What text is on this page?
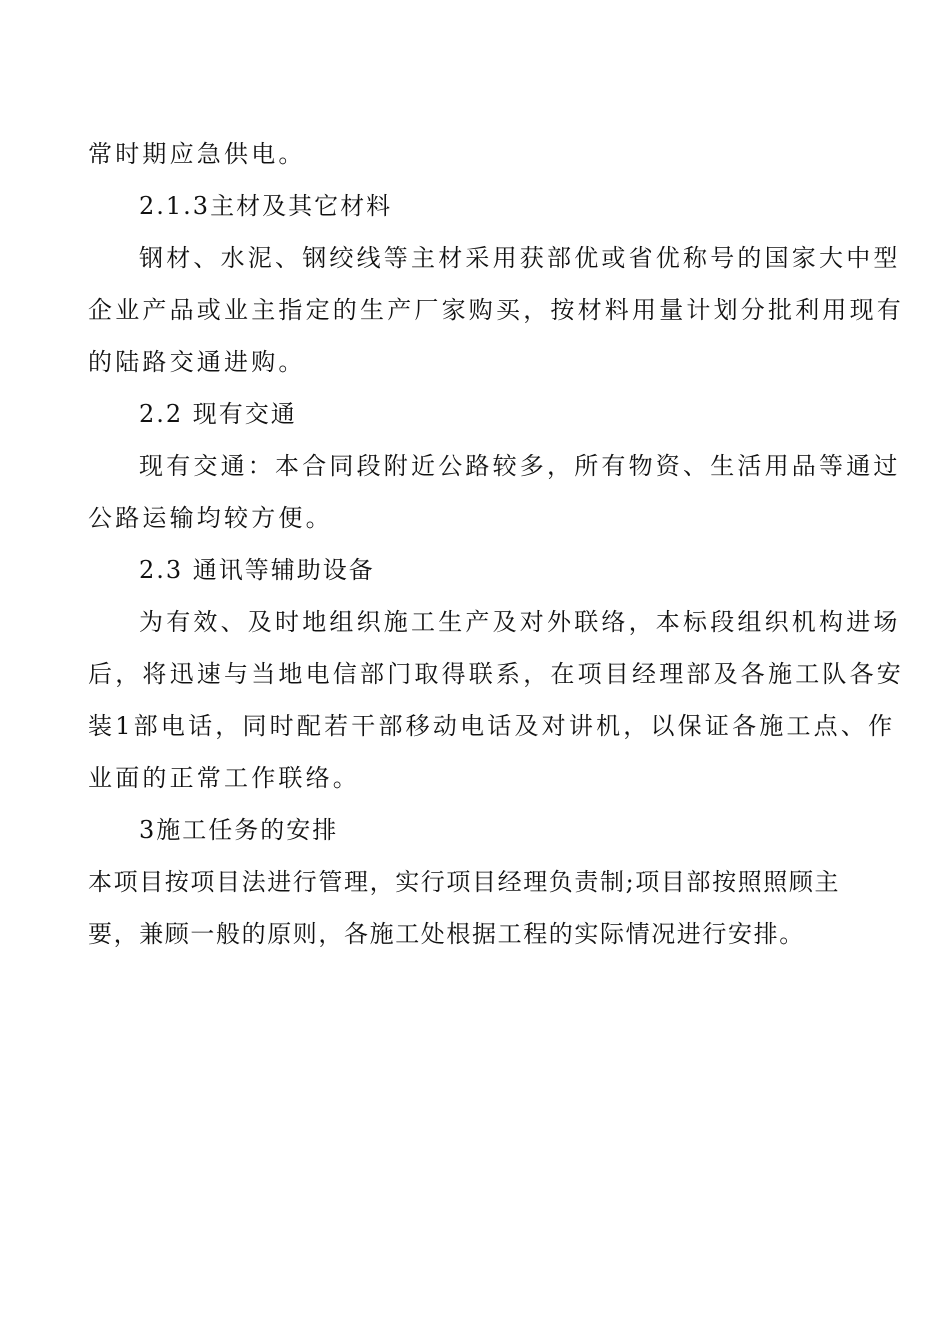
常时期应急供电。
2.1.3主材及其它材料
钢材、水泥、钢绞线等主材采用获部优或省优称号的国家大中型
企业产品或业主指定的生产厂家购买，按材料用量计划分批利用现有
的陆路交通进购。
2.2 现有交通
现有交通：本合同段附近公路较多，所有物资、生活用品等通过
公路运输均较方便。
2.3 通讯等辅助设备
为有效、及时地组织施工生产及对外联络，本标段组织机构进场
后，将迅速与当地电信部门取得联系，在项目经理部及各施工队各安
装1部电话，同时配若干部移动电话及对讲机，以保证各施工点、作
业面的正常工作联络。
3施工任务的安排
本项目按项目法进行管理，实行项目经理负责制;项目部按照照顾主
要，兼顾一般的原则，各施工处根据工程的实际情况进行安排。
